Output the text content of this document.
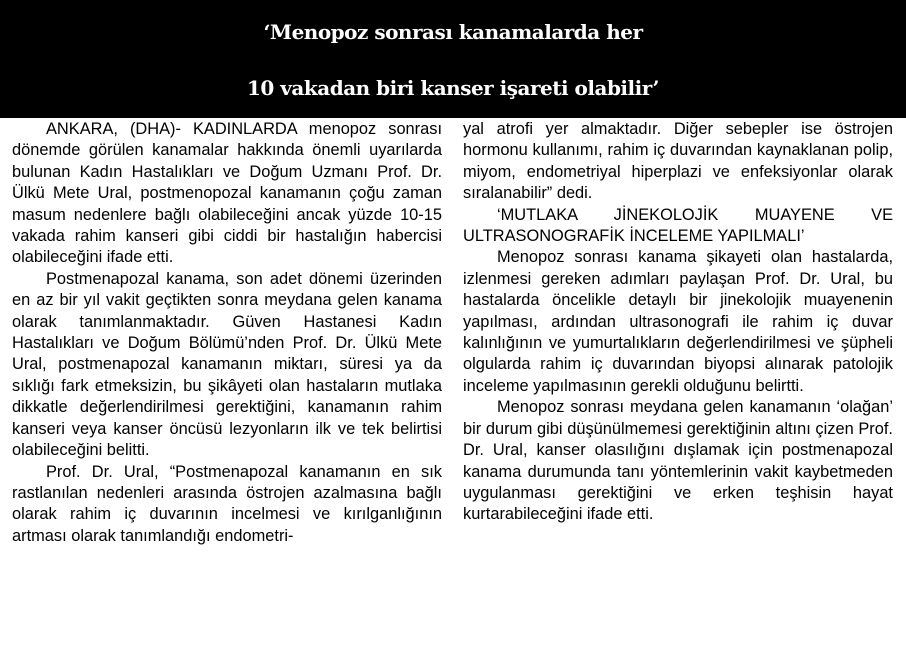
‘Menopoz sonrası kanamalarda her
10 vakadan biri kanser işareti olabilir’

ANKARA, (DHA)- KADINLARDA menopoz sonrası dönemde görülen kanamalar hakkında önemli uyarılarda bulunan Kadın Hastalıkları ve Doğum Uzmanı Prof. Dr. Ülkü Mete Ural, postmenopozal kanamanın çoğu zaman masum nedenlere bağlı olabileceğini ancak yüzde 10-15 vakada rahim kanseri gibi ciddi bir hastalığın habercisi olabileceğini ifade etti.

Postmenapozal kanama, son adet dönemi üzerinden en az bir yıl vakit geçtikten sonra meydana gelen kanama olarak tanımlanmaktadır. Güven Hastanesi Kadın Hastalıkları ve Doğum Bölümü’nden Prof. Dr. Ülkü Mete Ural, postmenapozal kanamanın miktarı, süresi ya da sıklığı fark etmeksizin, bu şikâyeti olan hastaların mutlaka dikkatle değerlendirilmesi gerektiğini, kanamanın rahim kanseri veya kanser öncüsü lezyonların ilk ve tek belirtisi olabileceğini belitti.

Prof. Dr. Ural, “Postmenapozal kanamanın en sık rastlanılan nedenleri arasında östrojen azalmasına bağlı olarak rahim iç duvarının incelmesi ve kırılganlığının artması olarak tanımlandığı endometri-

yal atrofi yer almaktadır. Diğer sebepler ise östrojen hormonu kullanımı, rahim iç duvarından kaynaklanan polip, miyom, endometriyal hiperplazi ve enfeksiyonlar olarak sıralanabilir” dedi.

‘MUTLAKA JİNEKOLOJİK MUAYENE VE ULTRASONOGRAFİK İNCELEME YAPILMALI’

Menopoz sonrası kanama şikayeti olan hastalarda, izlenmesi gereken adımları paylaşan Prof. Dr. Ural, bu hastalarda öncelikle detaylı bir jinekolojik muayenenin yapılması, ardından ultrasonografi ile rahim iç duvar kalınlığının ve yumurtalıkların değerlendirilmesi ve şüpheli olgularda rahim iç duvarından biyopsi alınarak patolojik inceleme yapılmasının gerekli olduğunu belirtti.

Menopoz sonrası meydana gelen kanamanın ‘olağan’ bir durum gibi düşünülmemesi gerektiğinin altını çizen Prof. Dr. Ural, kanser olasılığını dışlamak için postmenapozal kanama durumunda tanı yöntemlerinin vakit kaybetmeden uygulanması gerektiğini ve erken teşhisin hayat kurtarabileceğini ifade etti.
